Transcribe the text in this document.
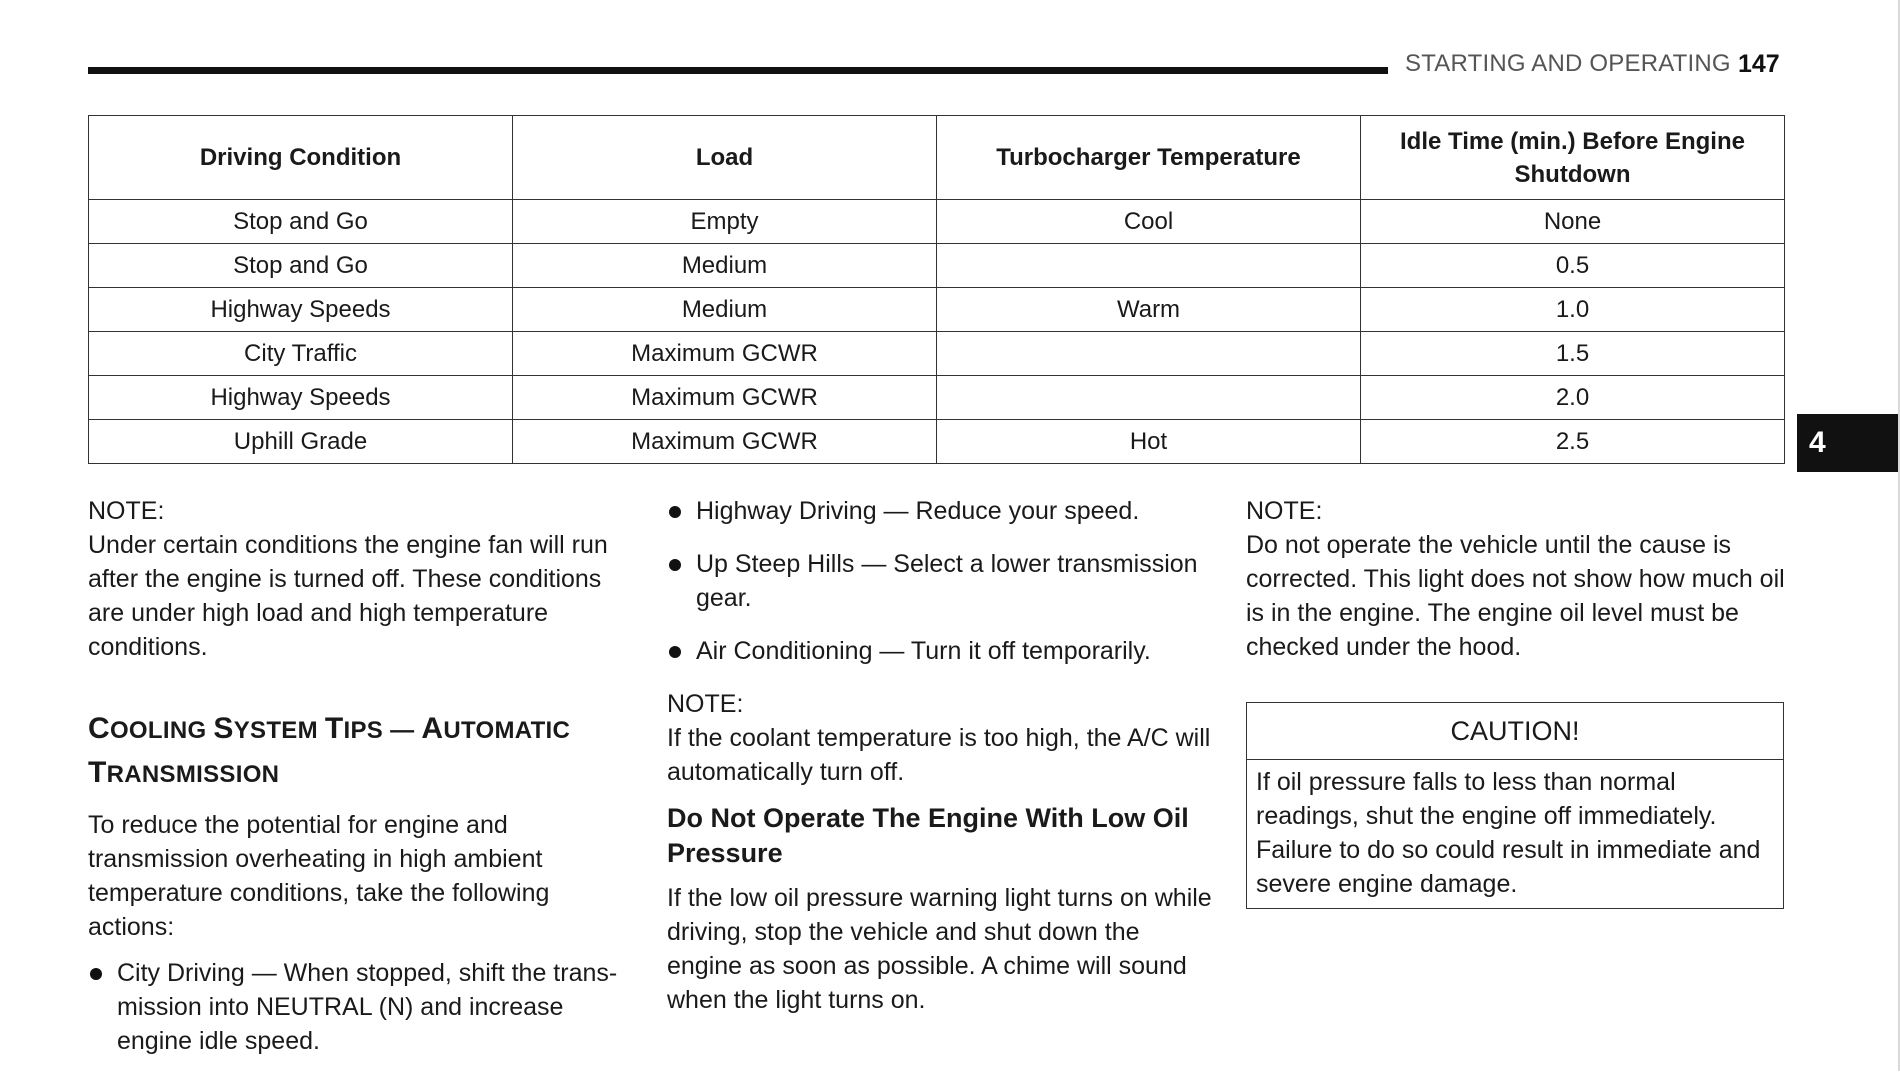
STARTING AND OPERATING 147
4
Driving Condition	Load	Turbocharger Temperature	Idle Time (min.) Before Engine Shutdown
Stop and Go	Empty	Cool	None
Stop and Go	Medium		0.5
Highway Speeds	Medium	Warm	1.0
City Traffic	Maximum GCWR		1.5
Highway Speeds	Maximum GCWR		2.0
Uphill Grade	Maximum GCWR	Hot	2.5

NOTE:

Under certain conditions the engine fan will run after the engine is turned off. These conditions are under high load and high temperature conditions.

COOLING SYSTEM TIPS — AUTOMATIC
TRANSMISSION

To reduce the potential for engine and transmission overheating in high ambient temperature conditions, take the following actions:

City Driving — When stopped, shift the trans-mission into NEUTRAL (N) and increase engine idle speed.
Highway Driving — Reduce your speed.
Up Steep Hills — Select a lower transmission gear.
Air Conditioning — Turn it off temporarily.

NOTE:

If the coolant temperature is too high, the A/C will automatically turn off.

Do Not Operate The Engine With Low Oil Pressure

If the low oil pressure warning light turns on while driving, stop the vehicle and shut down the engine as soon as possible. A chime will sound when the light turns on.

NOTE:

Do not operate the vehicle until the cause is corrected. This light does not show how much oil is in the engine. The engine oil level must be checked under the hood.

CAUTION!
If oil pressure falls to less than normal readings, shut the engine off immediately. Failure to do so could result in immediate and severe engine damage.
